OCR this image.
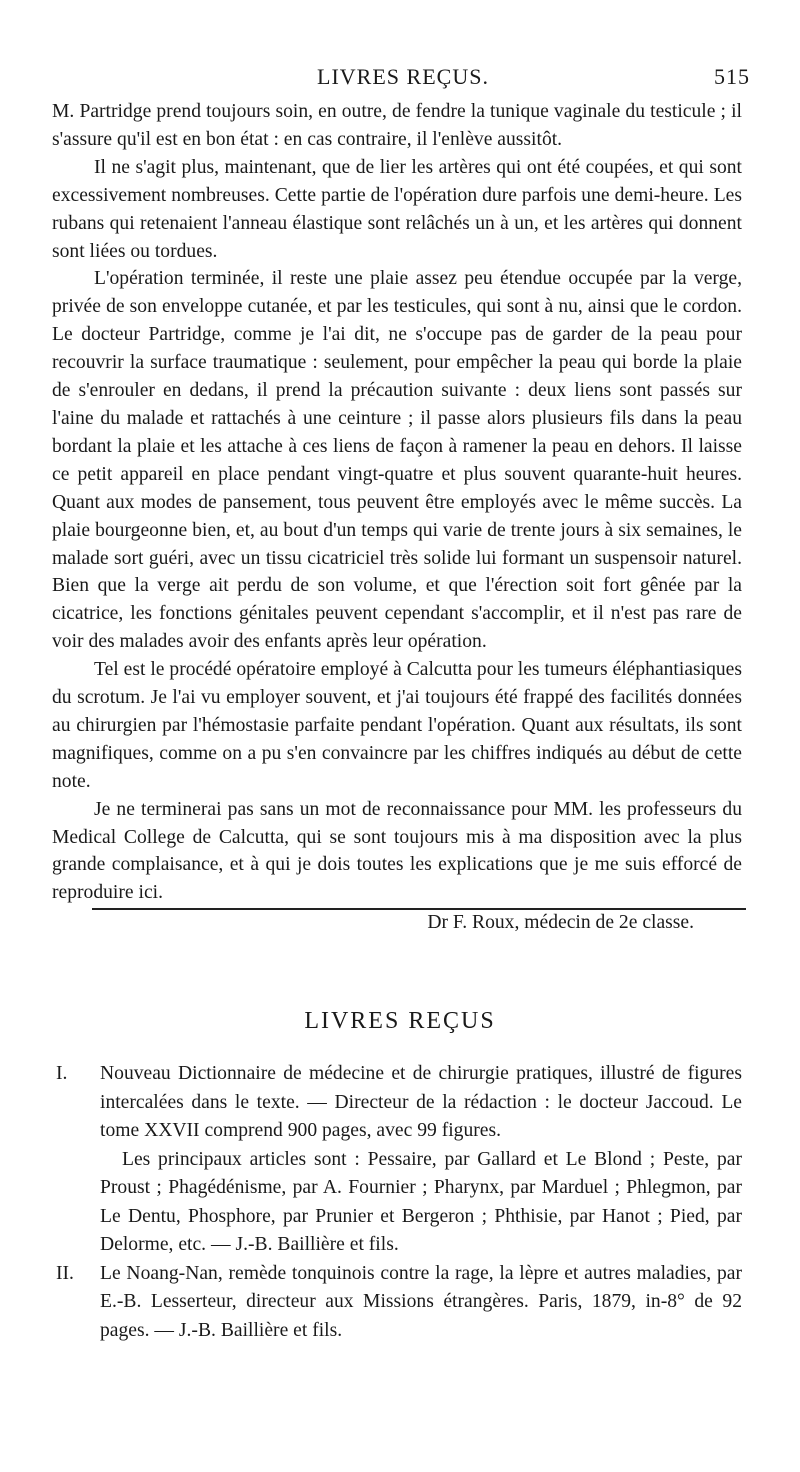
LIVRES REÇUS.	515

M. Partridge prend toujours soin, en outre, de fendre la tunique vaginale du testicule ; il s'assure qu'il est en bon état : en cas contraire, il l'enlève aussitôt.

Il ne s'agit plus, maintenant, que de lier les artères qui ont été coupées, et qui sont excessivement nombreuses. Cette partie de l'opération dure parfois une demi-heure. Les rubans qui retenaient l'anneau élastique sont relâchés un à un, et les artères qui donnent sont liées ou tordues.

L'opération terminée, il reste une plaie assez peu étendue occupée par la verge, privée de son enveloppe cutanée, et par les testicules, qui sont à nu, ainsi que le cordon. Le docteur Partridge, comme je l'ai dit, ne s'occupe pas de garder de la peau pour recouvrir la surface traumatique : seulement, pour empêcher la peau qui borde la plaie de s'enrouler en dedans, il prend la précaution suivante : deux liens sont passés sur l'aine du malade et rattachés à une ceinture ; il passe alors plusieurs fils dans la peau bordant la plaie et les attache à ces liens de façon à ramener la peau en dehors. Il laisse ce petit appareil en place pendant vingt-quatre et plus souvent quarante-huit heures. Quant aux modes de pansement, tous peuvent être employés avec le même succès. La plaie bourgeonne bien, et, au bout d'un temps qui varie de trente jours à six semaines, le malade sort guéri, avec un tissu cicatriciel très solide lui formant un suspensoir naturel. Bien que la verge ait perdu de son volume, et que l'érection soit fort gênée par la cicatrice, les fonctions génitales peuvent cependant s'accomplir, et il n'est pas rare de voir des malades avoir des enfants après leur opération.

Tel est le procédé opératoire employé à Calcutta pour les tumeurs éléphantiasiques du scrotum. Je l'ai vu employer souvent, et j'ai toujours été frappé des facilités données au chirurgien par l'hémostasie parfaite pendant l'opération. Quant aux résultats, ils sont magnifiques, comme on a pu s'en convaincre par les chiffres indiqués au début de cette note.

Je ne terminerai pas sans un mot de reconnaissance pour MM. les professeurs du Medical College de Calcutta, qui se sont toujours mis à ma disposition avec la plus grande complaisance, et à qui je dois toutes les explications que je me suis efforcé de reproduire ici.

Dr F. Roux, médecin de 2e classe.

LIVRES REÇUS
I. Nouveau Dictionnaire de médecine et de chirurgie pratiques, illustré de figures intercalées dans le texte. — Directeur de la rédaction : le docteur Jaccoud. Le tome XXVII comprend 900 pages, avec 99 figures.

Les principaux articles sont : Pessaire, par Gallard et Le Blond ; Peste, par Proust ; Phagédénisme, par A. Fournier ; Pharynx, par Marduel ; Phlegmon, par Le Dentu, Phosphore, par Prunier et Bergeron ; Phthisie, par Hanot ; Pied, par Delorme, etc. — J.-B. Baillière et fils.

II. Le Noang-Nan, remède tonquinois contre la rage, la lèpre et autres maladies, par E.-B. Lesserteur, directeur aux Missions étrangères. Paris, 1879, in-8° de 92 pages. — J.-B. Baillière et fils.
